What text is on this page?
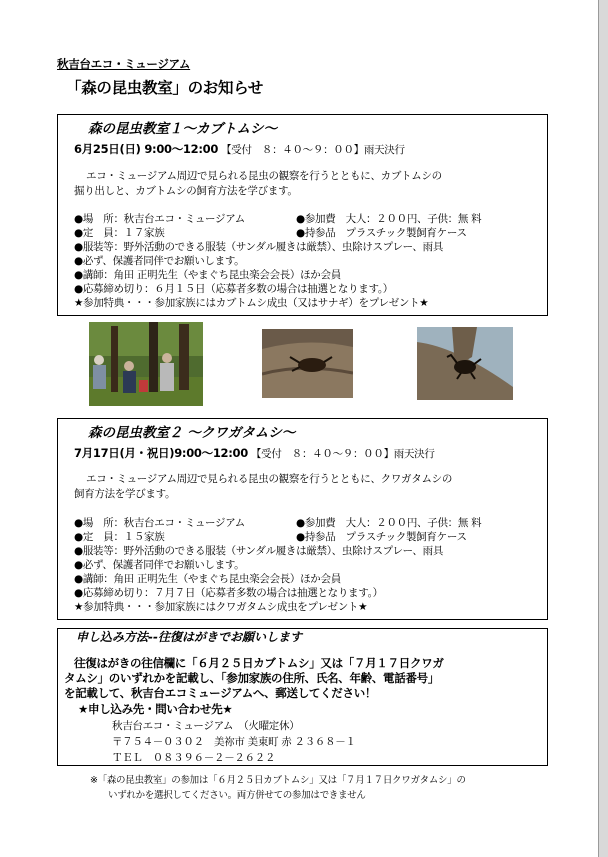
秋吉台エコ・ミュージアム
「森の昆虫教室」のお知らせ
森の昆虫教室１～カブトムシ～
6月25日(日) 9:00～12:00 【受付　８：４０～９：００】雨天決行
エコ・ミュージアム周辺で見られる昆虫の観察を行うとともに、カブトムシの
掘り出しと、カブトムシの飼育方法を学びます。
●場　所：秋吉台エコ・ミュージアム	●参加費　大人：２００円、子供：無 料
●定　員：１７家族	●持参品　プラスチック製飼育ケース
●服装等：野外活動のできる服装（サンダル履きは厳禁）、虫除けスプレー、雨具
●必ず、保護者同伴でお願いします。
●講師：角田 正明先生（やまぐち昆虫楽会会長）ほか会員
●応募締め切り：６月１５日（応募者多数の場合は抽選となります。）
★参加特典・・・参加家族にはカブトムシ成虫（又はサナギ）をプレゼント★
森の昆虫教室２ ～クワガタムシ～
7月17日(月・祝日)9:00～12:00 【受付　８：４０～９：００】雨天決行
エコ・ミュージアム周辺で見られる昆虫の観察を行うとともに、クワガタムシの
飼育方法を学びます。
●場　所：秋吉台エコ・ミュージアム	●参加費　大人：２００円、子供：無 料
●定　員：１５家族	●持参品　プラスチック製飼育ケース
●服装等：野外活動のできる服装（サンダル履きは厳禁）、虫除けスプレー、雨具
●必ず、保護者同伴でお願いします。
●講師：角田 正明先生（やまぐち昆虫楽会会長）ほか会員
●応募締め切り：７月７日（応募者多数の場合は抽選となります。）
★参加特典・・・参加家族にはクワガタムシ成虫をプレゼント★
申し込み方法‐‐往復はがきでお願いします
往復はがきの往信欄に「６月２５日カブトムシ」又は「７月１７日クワガ
タムシ」のいずれかを記載し、「参加家族の住所、氏名、年齢、電話番号」
を記載して、秋吉台エコミュージアムへ、郵送してください！
★申し込み先・問い合わせ先★
秋吉台エコ・ミュージアム　（火曜定休）
〒７５４－０３０２　美祢市 美東町 赤 ２３６８－１
ＴＥＬ　０８３９６－２－２６２２
※「森の昆虫教室」の参加は「６月２５日カブトムシ」又は「７月１７日クワガタムシ」の
いずれかを選択してください。両方併せての参加はできません
